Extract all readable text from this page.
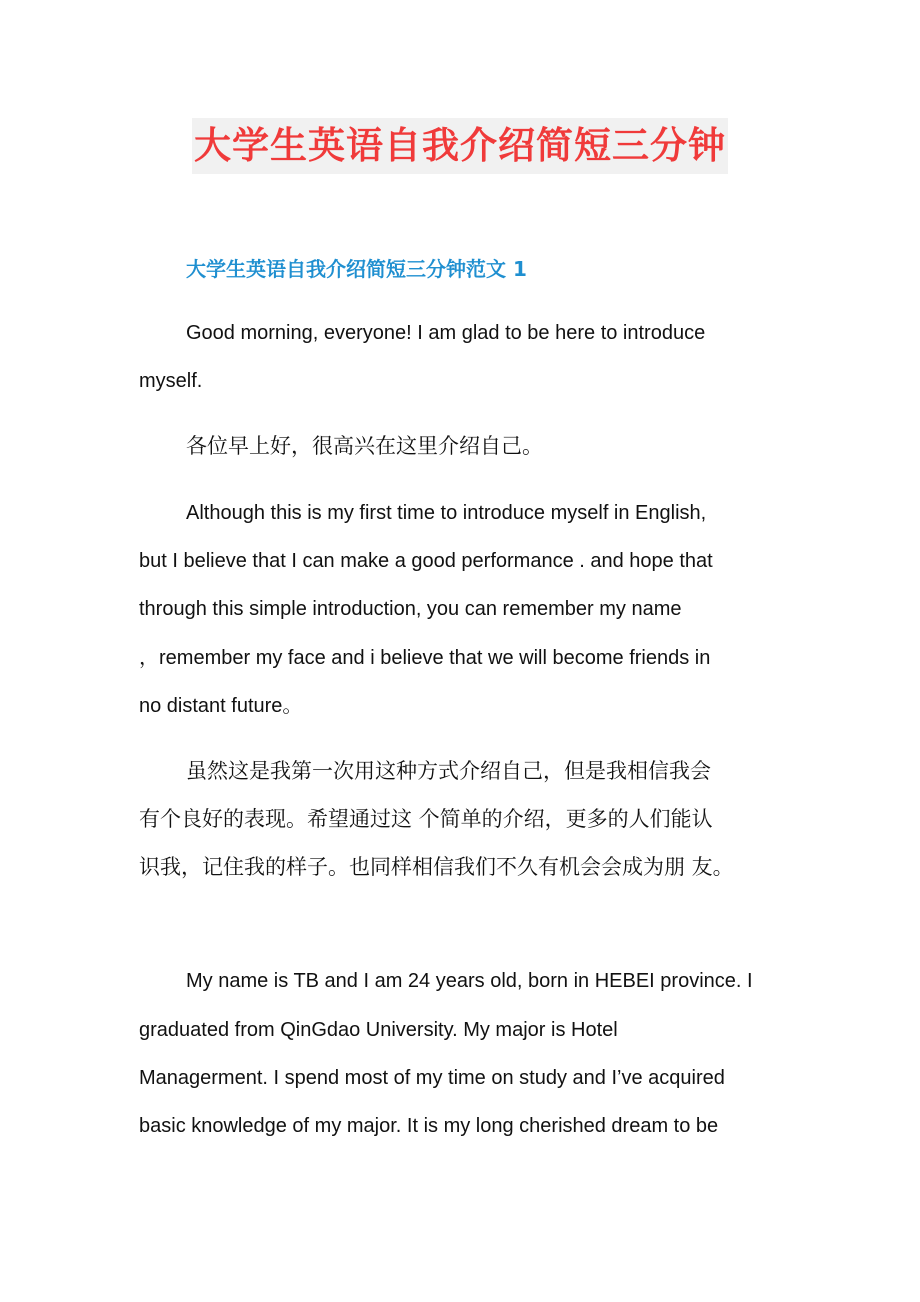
大学生英语自我介绍简短三分钟
大学生英语自我介绍简短三分钟范文 1
Good morning, everyone! I am glad to be here to introduce
myself.
各位早上好，很高兴在这里介绍自己。
Although this is my first time to introduce myself in English,
but I believe that I can make a good performance . and hope that
through this simple introduction, you can remember my name
，remember my face and i believe that we will become friends in
no distant future。
虽然这是我第一次用这种方式介绍自己，但是我相信我会
有个良好的表现。希望通过这 个简单的介绍，更多的人们能认
识我，记住我的样子。也同样相信我们不久有机会会成为朋 友。
My name is TB and I am 24 years old, born in HEBEI province. I
graduated from QinGdao University. My major is Hotel
Managerment. I spend most of my time on study and I’ve acquired
basic knowledge of my major. It is my long cherished dream to be
